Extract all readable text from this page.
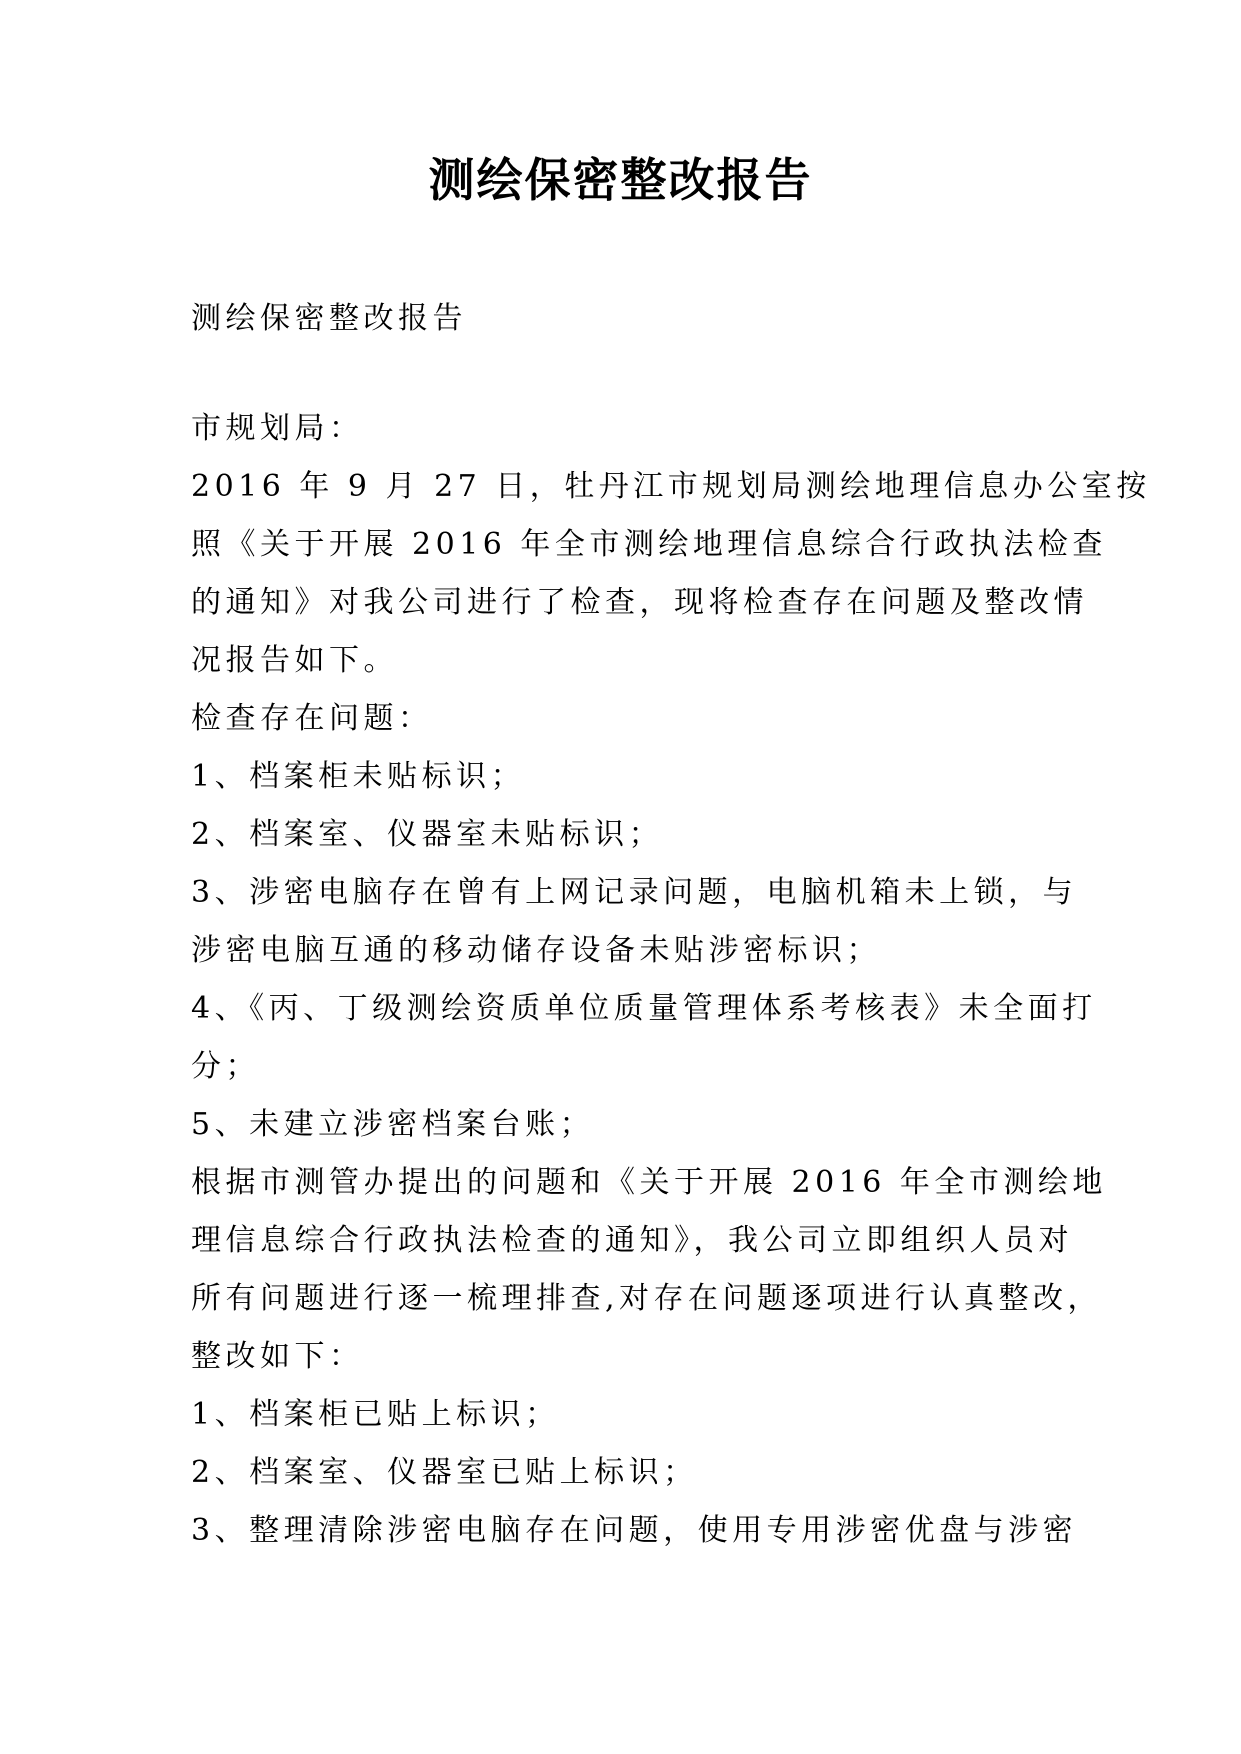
测绘保密整改报告
测绘保密整改报告
市规划局：
2016 年 9 月 27 日，牡丹江市规划局测绘地理信息办公室按
照《关于开展 2016 年全市测绘地理信息综合行政执法检查
的通知》对我公司进行了检查，现将检查存在问题及整改情
况报告如下。
检查存在问题：
1、档案柜未贴标识；
2、档案室、仪器室未贴标识；
3、涉密电脑存在曾有上网记录问题，电脑机箱未上锁，与
涉密电脑互通的移动储存设备未贴涉密标识；
4、《丙、丁级测绘资质单位质量管理体系考核表》未全面打
分；
5、未建立涉密档案台账；
根据市测管办提出的问题和《关于开展 2016 年全市测绘地
理信息综合行政执法检查的通知》，我公司立即组织人员对
所有问题进行逐一梳理排查,对存在问题逐项进行认真整改，
整改如下：
1、档案柜已贴上标识；
2、档案室、仪器室已贴上标识；
3、整理清除涉密电脑存在问题，使用专用涉密优盘与涉密
